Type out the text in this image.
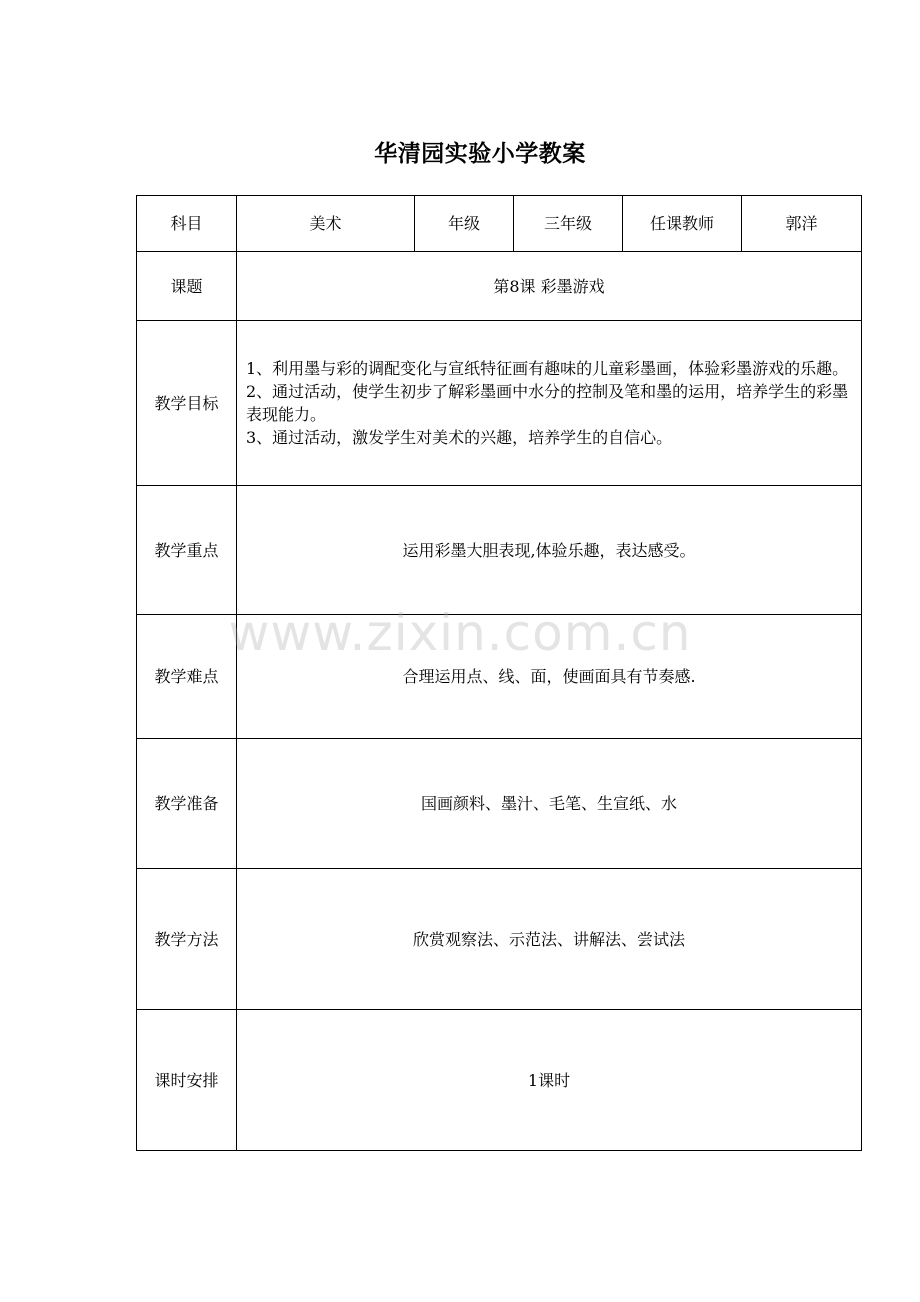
华清园实验小学教案
科目	美术	年级	三年级	任课教师	郭洋
课题	第8课 彩墨游戏				
教学目标	1、利用墨与彩的调配变化与宣纸特征画有趣味的儿童彩墨画，体验彩墨游戏的乐趣。
2、通过活动，使学生初步了解彩墨画中水分的控制及笔和墨的运用，培养学生的彩墨表现能力。
3、通过活动，激发学生对美术的兴趣，培养学生的自信心。				

教学重点	运用彩墨大胆表现,体验乐趣，表达感受。				
教学难点	合理运用点、线、面，使画面具有节奏感.				
教学准备	国画颜料、墨汁、毛笔、生宣纸、水				
教学方法	欣赏观察法、示范法、讲解法、尝试法				
课时安排	1课时				
www.zixin.com.cn
